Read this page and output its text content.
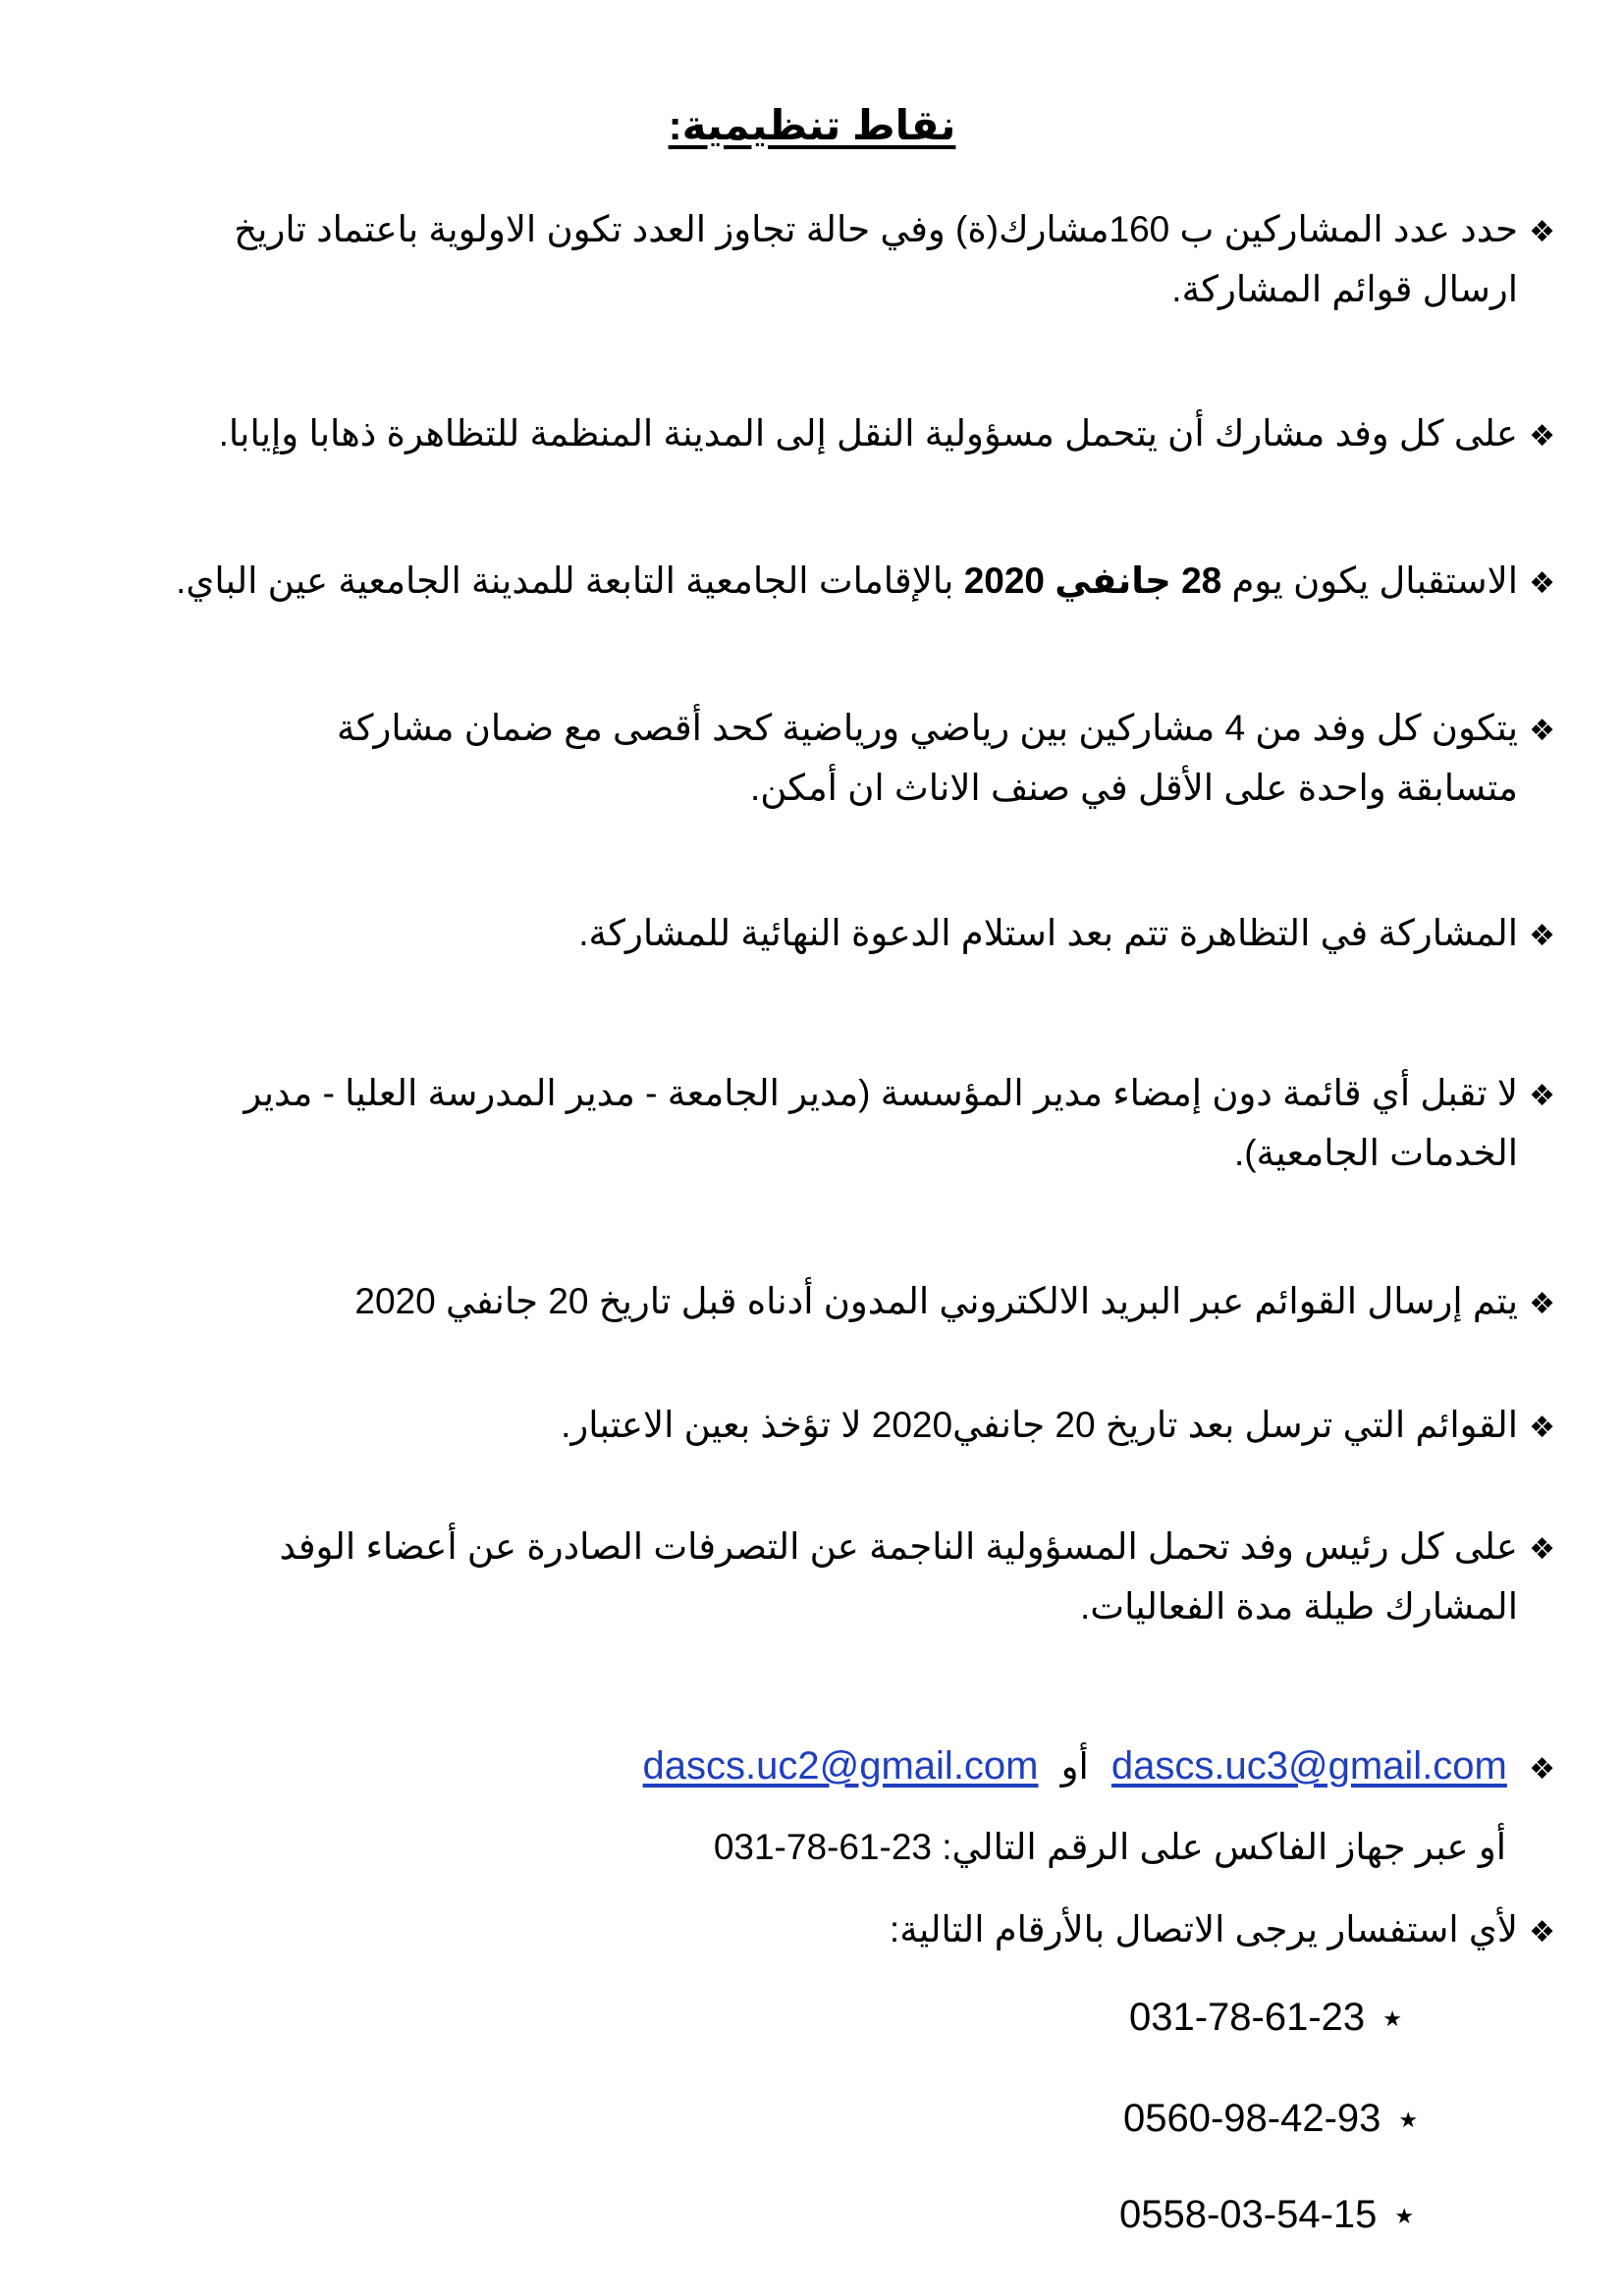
نقاط تنظيمية:
❖حدد عدد المشاركين ب 160مشارك(ة) وفي حالة تجاوز العدد تكون الاولوية باعتماد تاريخ
ارسال قوائم المشاركة.
❖على كل وفد مشارك أن يتحمل مسؤولية النقل إلى المدينة المنظمة للتظاهرة ذهابا وإيابا.
❖الاستقبال يكون يوم 28 جانفي 2020 بالإقامات الجامعية التابعة للمدينة الجامعية عين الباي.
❖يتكون كل وفد من 4 مشاركين بين رياضي ورياضية كحد أقصى مع ضمان مشاركة
متسابقة واحدة على الأقل في صنف الاناث ان أمكن.
❖المشاركة في التظاهرة تتم بعد استلام الدعوة النهائية للمشاركة.
❖لا تقبل أي قائمة دون إمضاء مدير المؤسسة (مدير الجامعة - مدير المدرسة العليا - مدير
الخدمات الجامعية).
❖يتم إرسال القوائم عبر البريد الالكتروني المدون أدناه قبل تاريخ 20 جانفي 2020
❖القوائم التي ترسل بعد تاريخ 20 جانفي2020 لا تؤخذ بعين الاعتبار.
❖على كل رئيس وفد تحمل المسؤولية الناجمة عن التصرفات الصادرة عن أعضاء الوفد
المشارك طيلة مدة الفعاليات.
❖ dascs.uc3@gmail.com أو dascs.uc2@gmail.com
أو عبر جهاز الفاكس على الرقم التالي: 031-78-61-23
❖لأي استفسار يرجى الاتصال بالأرقام التالية:
031-78-61-23 ★
0560-98-42-93 ★
0558-03-54-15 ★
